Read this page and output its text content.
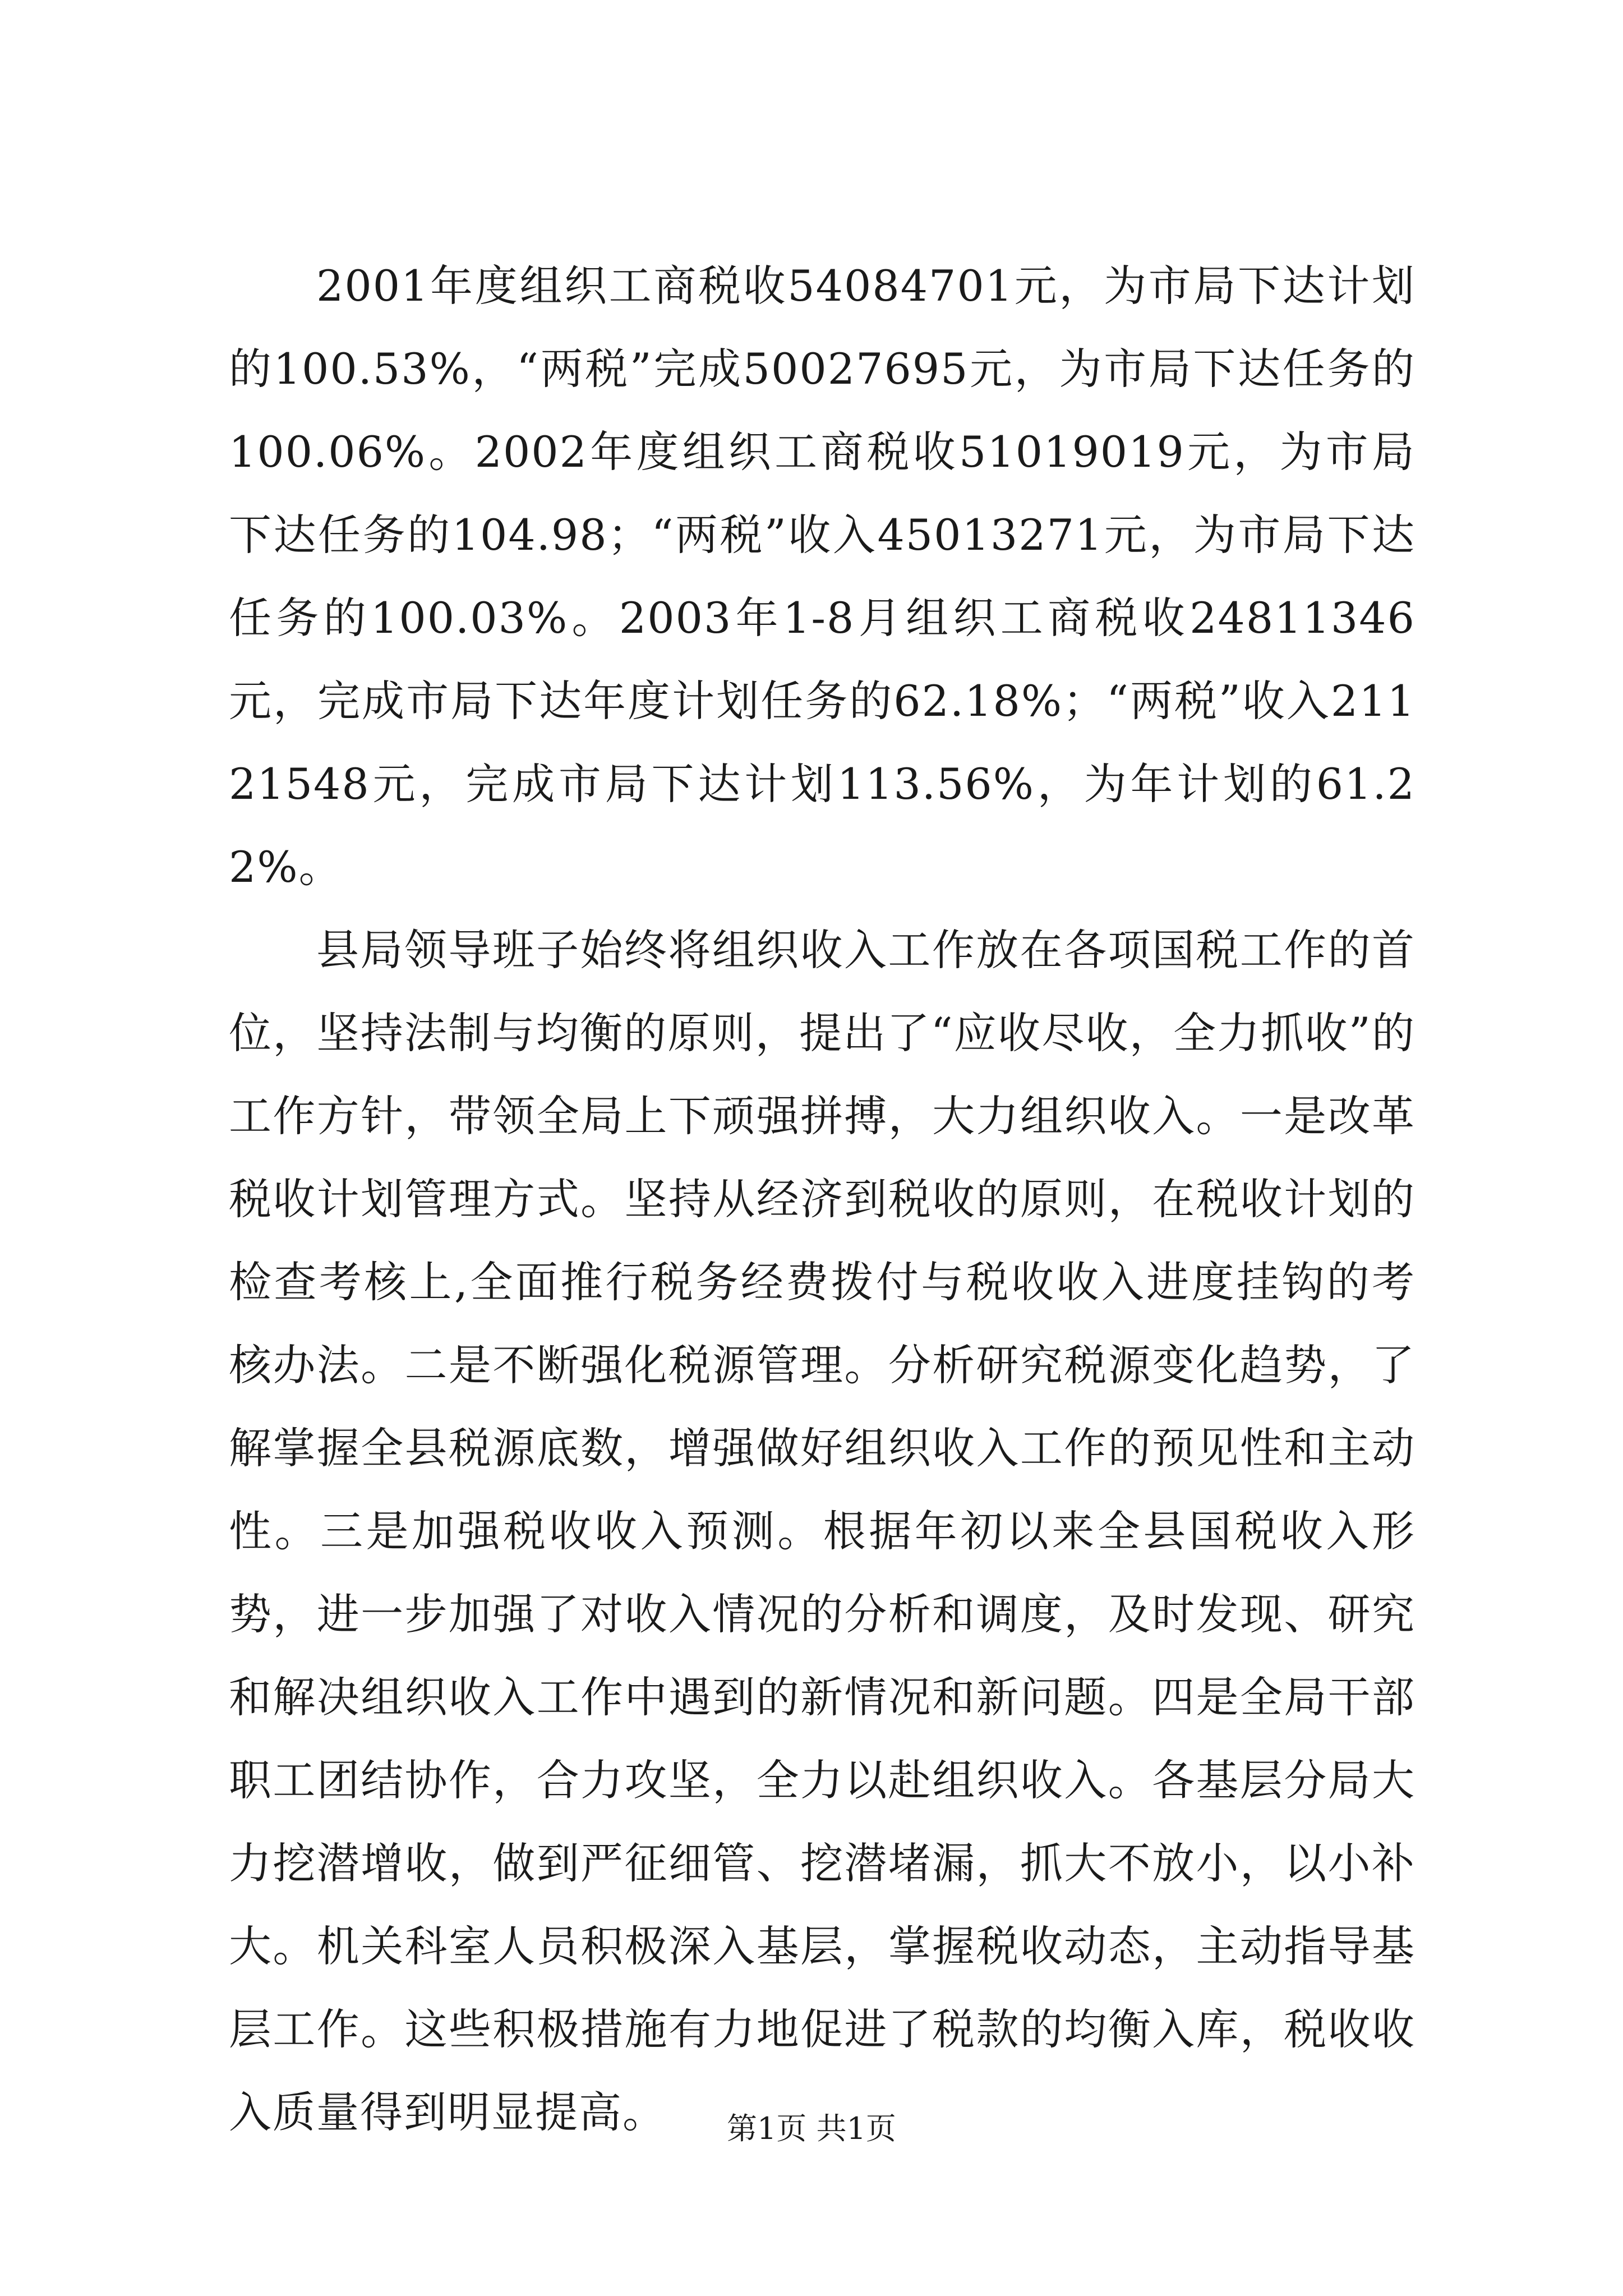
2001年度组织工商税收54084701元，为市局下达计划的100.53%，“两税”完成50027695元，为市局下达任务的100.06%。2002年度组织工商税收51019019元，为市局下达任务的104.98；“两税”收入45013271元，为市局下达任务的100.03%。2003年1-8月组织工商税收24811346元，完成市局下达年度计划任务的62.18%；“两税”收入21121548元，完成市局下达计划113.56%，为年计划的61.22%。

县局领导班子始终将组织收入工作放在各项国税工作的首位，坚持法制与均衡的原则，提出了“应收尽收，全力抓收”的工作方针，带领全局上下顽强拼搏，大力组织收入。一是改革税收计划管理方式。坚持从经济到税收的原则，在税收计划的检查考核上,全面推行税务经费拨付与税收收入进度挂钩的考核办法。二是不断强化税源管理。分析研究税源变化趋势，了解掌握全县税源底数，增强做好组织收入工作的预见性和主动性。三是加强税收收入预测。根据年初以来全县国税收入形势，进一步加强了对收入情况的分析和调度，及时发现、研究和解决组织收入工作中遇到的新情况和新问题。四是全局干部职工团结协作，合力攻坚，全力以赴组织收入。各基层分局大力挖潜增收，做到严征细管、挖潜堵漏，抓大不放小，以小补大。机关科室人员积极深入基层，掌握税收动态，主动指导基层工作。这些积极措施有力地促进了税款的均衡入库，税收收入质量得到明显提高。	第1页 共1页
